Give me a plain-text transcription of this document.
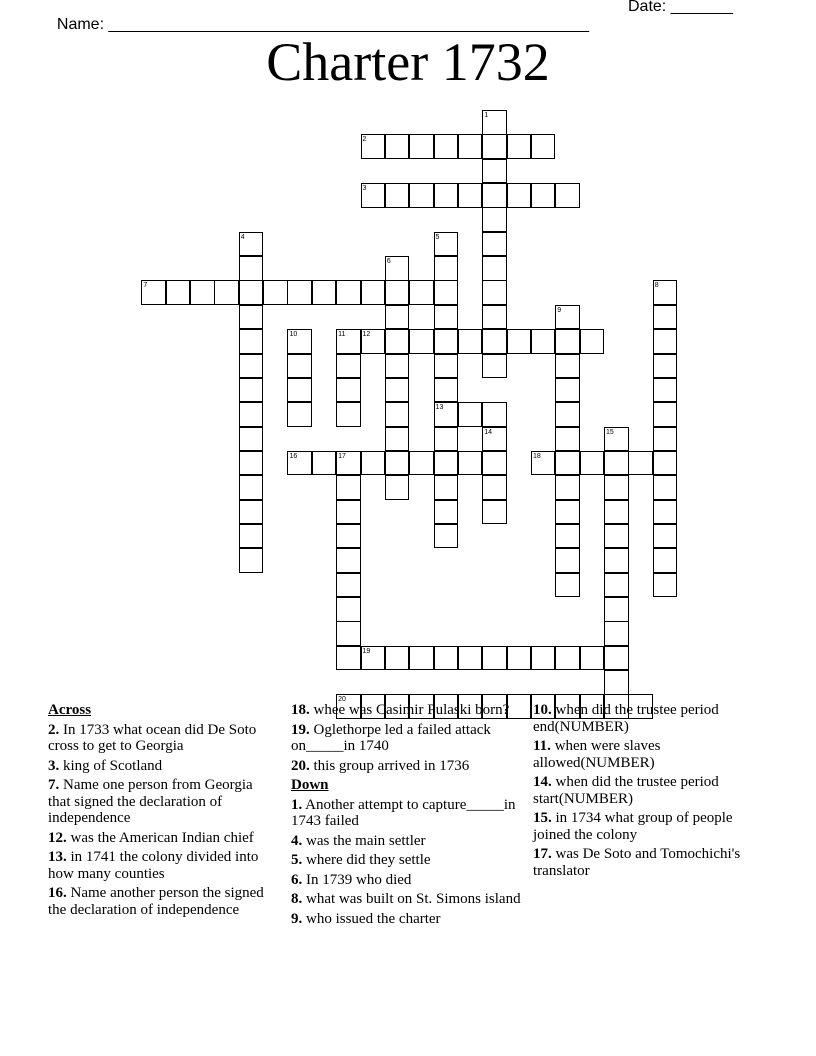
Name: ______________________________________________________

Date: _______

Charter 1732
1
2
3
4	5
13
6
7	8
9
10	11 12
14	15
16	17	18
19
20
Across
2. In 1733 what ocean did De Soto cross to get to Georgia
3. king of Scotland
7. Name one person from Georgia that signed the declaration of independence
12. was the American Indian chief
13. in 1741 the colony divided into how many counties
16. Name another person the signed the declaration of independence
18. whee was Casimir Pulaski born?
19. Oglethorpe led a failed attack on_____in 1740
20. this group arrived in 1736
Down
1. Another attempt to capture_____in 1743 failed
4. was the main settler
5. where did they settle
6. In 1739 who died
8. what was built on St. Simons island
9. who issued the charter
10. when did the trustee period end(NUMBER)
11. when were slaves allowed(NUMBER)
14. when did the trustee period start(NUMBER)
15. in 1734 what group of people joined the colony
17. was De Soto and Tomochichi's translator
